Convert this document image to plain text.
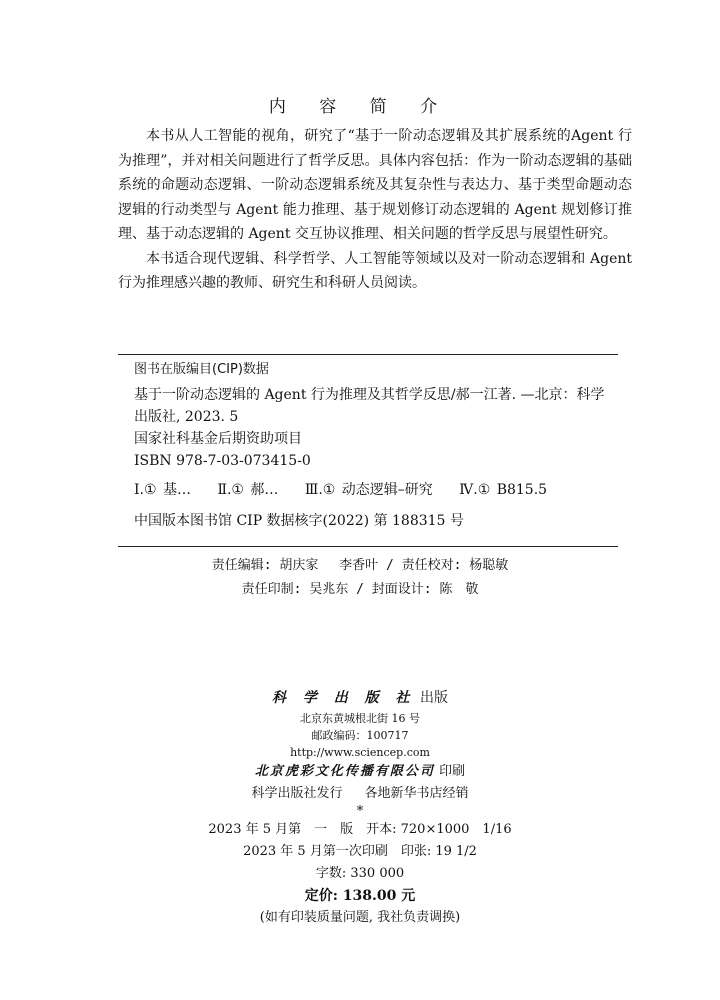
内 容 简 介

本书从人工智能的视角，研究了“基于一阶动态逻辑及其扩展系统的Agent 行为推理”，并对相关问题进行了哲学反思。具体内容包括：作为一阶动态逻辑的基础系统的命题动态逻辑、一阶动态逻辑系统及其复杂性与表达力、基于类型命题动态逻辑的行动类型与 Agent 能力推理、基于规划修订动态逻辑的 Agent 规划修订推理、基于动态逻辑的 Agent 交互协议推理、相关问题的哲学反思与展望性研究。

本书适合现代逻辑、科学哲学、人工智能等领域以及对一阶动态逻辑和 Agent 行为推理感兴趣的教师、研究生和科研人员阅读。

图书在版编目(CIP)数据
基于一阶动态逻辑的 Agent 行为推理及其哲学反思/郝一江著. —北京：科学出版社, 2023. 5
国家社科基金后期资助项目
ISBN 978-7-03-073415-0
Ⅰ.① 基… Ⅱ.① 郝… Ⅲ.① 动态逻辑–研究 Ⅳ.① B815.5
中国版本图书馆 CIP 数据核字(2022) 第 188315 号
责任编辑: 胡庆家　 李香叶 / 责任校对: 杨聪敏
责任印制: 吴兆东 / 封面设计: 陈　敬
科 学 出 版 社 出版
北京东黄城根北街 16 号
邮政编码：100717
http://www.sciencep.com
北京虎彩文化传播有限公司 印刷
科学出版社发行 各地新华书店经销
*
2023 年 5 月第　一　版　开本: 720×1000　1/16
2023 年 5 月第一次印刷　印张: 19 1/2
字数: 330 000
定价: 138.00 元
(如有印装质量问题, 我社负责调换)
